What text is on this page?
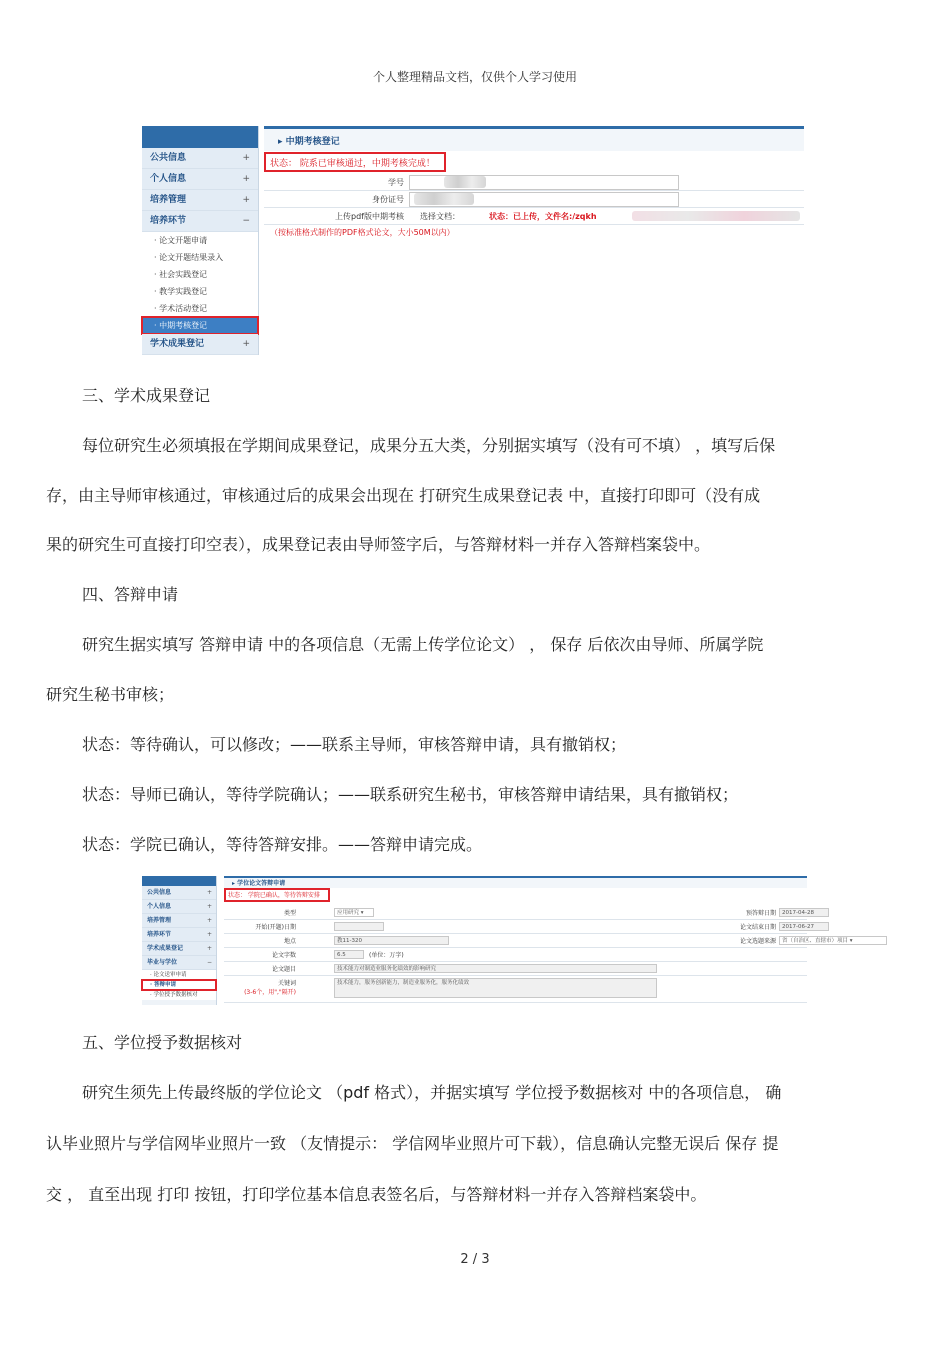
个人整理精品文档，仅供个人学习使用
公共信息	+
个人信息	+
培养管理	+
培养环节	−
· 论文开题申请
· 论文开题结果录入
· 社会实践登记
· 教学实践登记
· 学术活动登记
· 中期考核登记
学术成果登记	+
▸ 中期考核登记
状态： 院系已审核通过，中期考核完成！
学号
身份证号
上传pdf版中期考核 选择文档：	状态：已上传，文件名:/zqkh
（按标准格式制作的PDF格式论文，大小50M以内）
三、学术成果登记
每位研究生必须填报在学期间成果登记，成果分五大类，分别据实填写（没有可不填） ，填写后保
存，由主导师审核通过，审核通过后的成果会出现在 打研究生成果登记表 中，直接打印即可（没有成
果的研究生可直接打印空表），成果登记表由导师签字后，与答辩材料一并存入答辩档案袋中。
四、答辩申请
研究生据实填写 答辩申请 中的各项信息（无需上传学位论文） ， 保存 后依次由导师、所属学院
研究生秘书审核；
状态：等待确认，可以修改；——联系主导师，审核答辩申请，具有撤销权；
状态：导师已确认，等待学院确认；——联系研究生秘书，审核答辩申请结果，具有撤销权；
状态：学院已确认，等待答辩安排。——答辩申请完成。
公共信息	+
个人信息	+
培养管理	+
培养环节	+
学术成果登记	+
毕业与学位	−
· 论文送审申请
· 答辩申请
· 学位授予数据核对
▸ 学位论文答辩申请
状态： 学院已确认，等待答辩安排
类型	应用研究 ▾	预答辩日期	2017-04-28
开始(开题)日期	论文结束日期	2017-06-27
地点	教11-320	论文选题来源	省（自治区、直辖市）项目 ▾
论文字数	6.5	(单位：万字)
论文题目	技术能力对制造业服务化绩效的影响研究
关键词
(3-6个，用","隔开)
技术能力，服务创新能力，制造业服务化，服务化绩效
五、学位授予数据核对
研究生须先上传最终版的学位论文 （pdf 格式），并据实填写 学位授予数据核对 中的各项信息， 确
认毕业照片与学信网毕业照片一致 （友情提示： 学信网毕业照片可下载），信息确认完整无误后 保存 提
交 ， 直至出现 打印 按钮，打印学位基本信息表签名后，与答辩材料一并存入答辩档案袋中。
2 / 3
